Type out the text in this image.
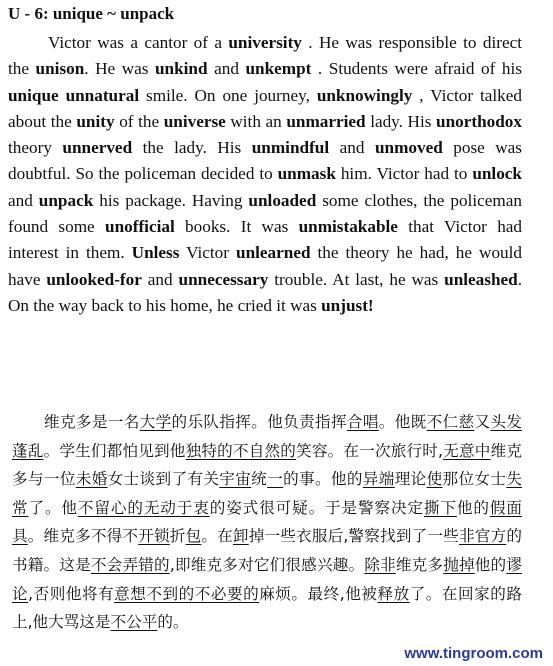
U - 6: unique ~ unpack
Victor was a cantor of a university . He was responsible to direct the unison. He was unkind and unkempt . Students were afraid of his unique unnatural smile. On one journey, unknowingly , Victor talked about the unity of the universe with an unmarried lady. His unorthodox theory unnerved the lady. His unmindful and unmoved pose was doubtful. So the policeman decided to unmask him. Victor had to unlock and unpack his package. Having unloaded some clothes, the policeman found some unofficial books. It was unmistakable that Victor had interest in them. Unless Victor unlearned the theory he had, he would have unlooked-for and unnecessary trouble. At last, he was unleashed. On the way back to his home, he cried it was unjust!
维克多是一名大学的乐队指挥。他负责指挥合唱。他既不仁慈又头发蓬乱。学生们都怕见到他独特的不自然的笑容。在一次旅行时,无意中维克多与一位未婚女士谈到了有关宇宙统一的事。他的异端理论使那位女士失常了。他不留心的无动于衷的姿式很可疑。于是警察决定撕下他的假面具。维克多不得不开锁折包。在卸掉一些衣服后,警察找到了一些非官方的书籍。这是不会弄错的,即维克多对它们很感兴趣。除非维克多抛掉他的谬论,否则他将有意想不到的不必要的麻烦。最终,他被释放了。在回家的路上,他大骂这是不公平的。
www.tingroom.com
